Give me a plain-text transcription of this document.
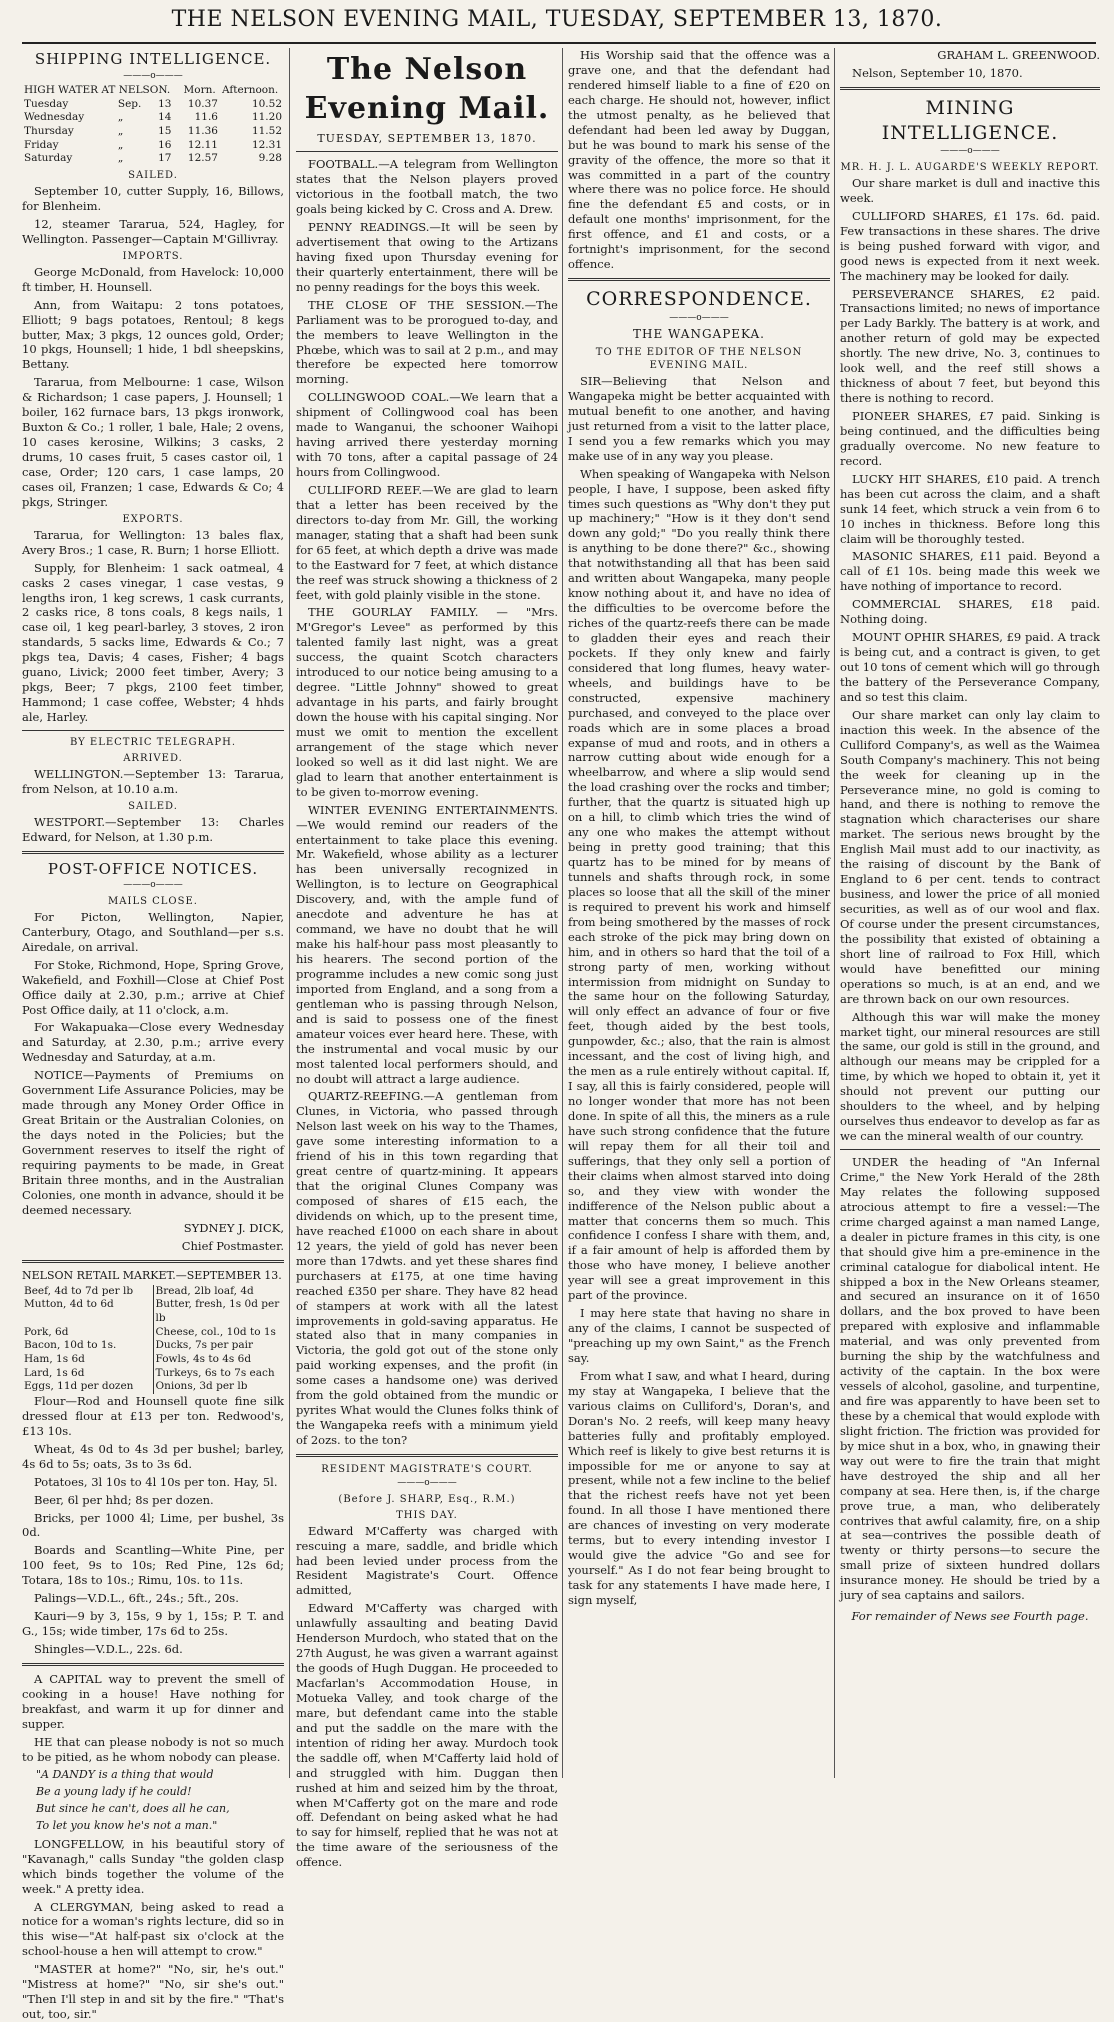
THE NELSON EVENING MAIL, TUESDAY, SEPTEMBER 13, 1870.
SHIPPING INTELLIGENCE.
———o———
HIGH WATER AT NELSON.			Morn.	Afternoon.
Tuesday	Sep.	13	10.37	10.52
Wednesday	„	14	11.6	11.20
Thursday	„	15	11.36	11.52
Friday	„	16	12.11	12.31
Saturday	„	17	12.57	9.28
SAILED.

September 10, cutter Supply, 16, Billows, for Blenheim.

12, steamer Tararua, 524, Hagley, for Wellington. Passenger—Captain M'Gillivray.

IMPORTS.

George McDonald, from Havelock: 10,000 ft timber, H. Hounsell.

Ann, from Waitapu: 2 tons potatoes, Elliott; 9 bags potatoes, Rentoul; 8 kegs butter, Max; 3 pkgs, 12 ounces gold, Order; 10 pkgs, Hounsell; 1 hide, 1 bdl sheepskins, Bettany.

Tararua, from Melbourne: 1 case, Wilson & Richardson; 1 case papers, J. Hounsell; 1 boiler, 162 furnace bars, 13 pkgs ironwork, Buxton & Co.; 1 roller, 1 bale, Hale; 2 ovens, 10 cases kerosine, Wilkins; 3 casks, 2 drums, 10 cases fruit, 5 cases castor oil, 1 case, Order; 120 cars, 1 case lamps, 20 cases oil, Franzen; 1 case, Edwards & Co; 4 pkgs, Stringer.

EXPORTS.

Tararua, for Wellington: 13 bales flax, Avery Bros.; 1 case, R. Burn; 1 horse Elliott.

Supply, for Blenheim: 1 sack oatmeal, 4 casks 2 cases vinegar, 1 case vestas, 9 lengths iron, 1 keg screws, 1 cask currants, 2 casks rice, 8 tons coals, 8 kegs nails, 1 case oil, 1 keg pearl-barley, 3 stoves, 2 iron standards, 5 sacks lime, Edwards & Co.; 7 pkgs tea, Davis; 4 cases, Fisher; 4 bags guano, Livick; 2000 feet timber, Avery; 3 pkgs, Beer; 7 pkgs, 2100 feet timber, Hammond; 1 case coffee, Webster; 4 hhds ale, Harley.

BY ELECTRIC TELEGRAPH.
ARRIVED.

WELLINGTON.—September 13: Tararua, from Nelson, at 10.10 a.m.

SAILED.

WESTPORT.—September 13: Charles Edward, for Nelson, at 1.30 p.m.

POST-OFFICE NOTICES.
———o———
MAILS CLOSE.

For Picton, Wellington, Napier, Canterbury, Otago, and Southland—per s.s. Airedale, on arrival.

For Stoke, Richmond, Hope, Spring Grove, Wakefield, and Foxhill—Close at Chief Post Office daily at 2.30, p.m.; arrive at Chief Post Office daily, at 11 o'clock, a.m.

For Wakapuaka—Close every Wednesday and Saturday, at 2.30, p.m.; arrive every Wednesday and Saturday, at a.m.

NOTICE—Payments of Premiums on Government Life Assurance Policies, may be made through any Money Order Office in Great Britain or the Australian Colonies, on the days noted in the Policies; but the Government reserves to itself the right of requiring payments to be made, in Great Britain three months, and in the Australian Colonies, one month in advance, should it be deemed necessary.

SYDNEY J. DICK,

Chief Postmaster.

NELSON RETAIL MARKET.—SEPTEMBER 13.
Beef, 4d to 7d per lb	Bread, 2lb loaf, 4d
Mutton, 4d to 6d	Butter, fresh, 1s 0d per lb
Pork, 6d	Cheese, col., 10d to 1s
Bacon, 10d to 1s.	Ducks, 7s per pair
Ham, 1s 6d	Fowls, 4s to 4s 6d
Lard, 1s 6d	Turkeys, 6s to 7s each
Eggs, 11d per dozen	Onions, 3d per lb

Flour—Rod and Hounsell quote fine silk dressed flour at £13 per ton. Redwood's, £13 10s.

Wheat, 4s 0d to 4s 3d per bushel; barley, 4s 6d to 5s; oats, 3s to 3s 6d.

Potatoes, 3l 10s to 4l 10s per ton. Hay, 5l.

Beer, 6l per hhd; 8s per dozen.

Bricks, per 1000 4l; Lime, per bushel, 3s 0d.

Boards and Scantling—White Pine, per 100 feet, 9s to 10s; Red Pine, 12s 6d; Totara, 18s to 10s.; Rimu, 10s. to 11s.

Palings—V.D.L., 6ft., 24s.; 5ft., 20s.

Kauri—9 by 3, 15s, 9 by 1, 15s; P. T. and G., 15s; wide timber, 17s 6d to 25s.

Shingles—V.D.L., 22s. 6d.

A CAPITAL way to prevent the smell of cooking in a house! Have nothing for breakfast, and warm it up for dinner and supper.

HE that can please nobody is not so much to be pitied, as he whom nobody can please.

"A DANDY is a thing that would

Be a young lady if he could!

But since he can't, does all he can,

To let you know he's not a man."

LONGFELLOW, in his beautiful story of "Kavanagh," calls Sunday "the golden clasp which binds together the volume of the week." A pretty idea.

A CLERGYMAN, being asked to read a notice for a woman's rights lecture, did so in this wise—"At half-past six o'clock at the school-house a hen will attempt to crow."

"MASTER at home?" "No, sir, he's out." "Mistress at home?" "No, sir she's out." "Then I'll step in and sit by the fire." "That's out, too, sir."

The Nelson Evening Mail.
TUESDAY, SEPTEMBER 13, 1870.

FOOTBALL.—A telegram from Wellington states that the Nelson players proved victorious in the football match, the two goals being kicked by C. Cross and A. Drew.

PENNY READINGS.—It will be seen by advertisement that owing to the Artizans having fixed upon Thursday evening for their quarterly entertainment, there will be no penny readings for the boys this week.

THE CLOSE OF THE SESSION.—The Parliament was to be prorogued to-day, and the members to leave Wellington in the Phœbe, which was to sail at 2 p.m., and may therefore be expected here tomorrow morning.

COLLINGWOOD COAL.—We learn that a shipment of Collingwood coal has been made to Wanganui, the schooner Waihopi having arrived there yesterday morning with 70 tons, after a capital passage of 24 hours from Collingwood.

CULLIFORD REEF.—We are glad to learn that a letter has been received by the directors to-day from Mr. Gill, the working manager, stating that a shaft had been sunk for 65 feet, at which depth a drive was made to the Eastward for 7 feet, at which distance the reef was struck showing a thickness of 2 feet, with gold plainly visible in the stone.

THE GOURLAY FAMILY. — "Mrs. M'Gregor's Levee" as performed by this talented family last night, was a great success, the quaint Scotch characters introduced to our notice being amusing to a degree. "Little Johnny" showed to great advantage in his parts, and fairly brought down the house with his capital singing. Nor must we omit to mention the excellent arrangement of the stage which never looked so well as it did last night. We are glad to learn that another entertainment is to be given to-morrow evening.

WINTER EVENING ENTERTAINMENTS.—We would remind our readers of the entertainment to take place this evening. Mr. Wakefield, whose ability as a lecturer has been universally recognized in Wellington, is to lecture on Geographical Discovery, and, with the ample fund of anecdote and adventure he has at command, we have no doubt that he will make his half-hour pass most pleasantly to his hearers. The second portion of the programme includes a new comic song just imported from England, and a song from a gentleman who is passing through Nelson, and is said to possess one of the finest amateur voices ever heard here. These, with the instrumental and vocal music by our most talented local performers should, and no doubt will attract a large audience.

QUARTZ-REEFING.—A gentleman from Clunes, in Victoria, who passed through Nelson last week on his way to the Thames, gave some interesting information to a friend of his in this town regarding that great centre of quartz-mining. It appears that the original Clunes Company was composed of shares of £15 each, the dividends on which, up to the present time, have reached £1000 on each share in about 12 years, the yield of gold has never been more than 17dwts. and yet these shares find purchasers at £175, at one time having reached £350 per share. They have 82 head of stampers at work with all the latest improvements in gold-saving apparatus. He stated also that in many companies in Victoria, the gold got out of the stone only paid working expenses, and the profit (in some cases a handsome one) was derived from the gold obtained from the mundic or pyrites What would the Clunes folks think of the Wangapeka reefs with a minimum yield of 2ozs. to the ton?

RESIDENT MAGISTRATE'S COURT.
———o———
(Before J. SHARP, Esq., R.M.)
THIS DAY.

Edward M'Cafferty was charged with rescuing a mare, saddle, and bridle which had been levied under process from the Resident Magistrate's Court. Offence admitted,

Edward M'Cafferty was charged with unlawfully assaulting and beating David Henderson Murdoch, who stated that on the 27th August, he was given a warrant against the goods of Hugh Duggan. He proceeded to Macfarlan's Accommodation House, in Motueka Valley, and took charge of the mare, but defendant came into the stable and put the saddle on the mare with the intention of riding her away. Murdoch took the saddle off, when M'Cafferty laid hold of and struggled with him. Duggan then rushed at him and seized him by the throat, when M'Cafferty got on the mare and rode off. Defendant on being asked what he had to say for himself, replied that he was not at the time aware of the seriousness of the offence.

His Worship said that the offence was a grave one, and that the defendant had rendered himself liable to a fine of £20 on each charge. He should not, however, inflict the utmost penalty, as he believed that defendant had been led away by Duggan, but he was bound to mark his sense of the gravity of the offence, the more so that it was committed in a part of the country where there was no police force. He should fine the defendant £5 and costs, or in default one months' imprisonment, for the first offence, and £1 and costs, or a fortnight's imprisonment, for the second offence.

CORRESPONDENCE.
———o———
THE WANGAPEKA.
TO THE EDITOR OF THE NELSON EVENING MAIL.

SIR—Believing that Nelson and Wangapeka might be better acquainted with mutual benefit to one another, and having just returned from a visit to the latter place, I send you a few remarks which you may make use of in any way you please.

When speaking of Wangapeka with Nelson people, I have, I suppose, been asked fifty times such questions as "Why don't they put up machinery;" "How is it they don't send down any gold;" "Do you really think there is anything to be done there?" &c., showing that notwithstanding all that has been said and written about Wangapeka, many people know nothing about it, and have no idea of the difficulties to be overcome before the riches of the quartz-reefs there can be made to gladden their eyes and reach their pockets. If they only knew and fairly considered that long flumes, heavy water-wheels, and buildings have to be constructed, expensive machinery purchased, and conveyed to the place over roads which are in some places a broad expanse of mud and roots, and in others a narrow cutting about wide enough for a wheelbarrow, and where a slip would send the load crashing over the rocks and timber; further, that the quartz is situated high up on a hill, to climb which tries the wind of any one who makes the attempt without being in pretty good training; that this quartz has to be mined for by means of tunnels and shafts through rock, in some places so loose that all the skill of the miner is required to prevent his work and himself from being smothered by the masses of rock each stroke of the pick may bring down on him, and in others so hard that the toil of a strong party of men, working without intermission from midnight on Sunday to the same hour on the following Saturday, will only effect an advance of four or five feet, though aided by the best tools, gunpowder, &c.; also, that the rain is almost incessant, and the cost of living high, and the men as a rule entirely without capital. If, I say, all this is fairly considered, people will no longer wonder that more has not been done. In spite of all this, the miners as a rule have such strong confidence that the future will repay them for all their toil and sufferings, that they only sell a portion of their claims when almost starved into doing so, and they view with wonder the indifference of the Nelson public about a matter that concerns them so much. This confidence I confess I share with them, and, if a fair amount of help is afforded them by those who have money, I believe another year will see a great improvement in this part of the province.

I may here state that having no share in any of the claims, I cannot be suspected of "preaching up my own Saint," as the French say.

From what I saw, and what I heard, during my stay at Wangapeka, I believe that the various claims on Culliford's, Doran's, and Doran's No. 2 reefs, will keep many heavy batteries fully and profitably employed. Which reef is likely to give best returns it is impossible for me or anyone to say at present, while not a few incline to the belief that the richest reefs have not yet been found. In all those I have mentioned there are chances of investing on very moderate terms, but to every intending investor I would give the advice "Go and see for yourself." As I do not fear being brought to task for any statements I have made here, I sign myself,

GRAHAM L. GREENWOOD.

Nelson, September 10, 1870.

MINING INTELLIGENCE.
———o———
MR. H. J. L. AUGARDE'S WEEKLY REPORT.

Our share market is dull and inactive this week.

CULLIFORD SHARES, £1 17s. 6d. paid. Few transactions in these shares. The drive is being pushed forward with vigor, and good news is expected from it next week. The machinery may be looked for daily.

PERSEVERANCE SHARES, £2 paid. Transactions limited; no news of importance per Lady Barkly. The battery is at work, and another return of gold may be expected shortly. The new drive, No. 3, continues to look well, and the reef still shows a thickness of about 7 feet, but beyond this there is nothing to record.

PIONEER SHARES, £7 paid. Sinking is being continued, and the difficulties being gradually overcome. No new feature to record.

LUCKY HIT SHARES, £10 paid. A trench has been cut across the claim, and a shaft sunk 14 feet, which struck a vein from 6 to 10 inches in thickness. Before long this claim will be thoroughly tested.

MASONIC SHARES, £11 paid. Beyond a call of £1 10s. being made this week we have nothing of importance to record.

COMMERCIAL SHARES, £18 paid. Nothing doing.

MOUNT OPHIR SHARES, £9 paid. A track is being cut, and a contract is given, to get out 10 tons of cement which will go through the battery of the Perseverance Company, and so test this claim.

Our share market can only lay claim to inaction this week. In the absence of the Culliford Company's, as well as the Waimea South Company's machinery. This not being the week for cleaning up in the Perseverance mine, no gold is coming to hand, and there is nothing to remove the stagnation which characterises our share market. The serious news brought by the English Mail must add to our inactivity, as the raising of discount by the Bank of England to 6 per cent. tends to contract business, and lower the price of all monied securities, as well as of our wool and flax. Of course under the present circumstances, the possibility that existed of obtaining a short line of railroad to Fox Hill, which would have benefitted our mining operations so much, is at an end, and we are thrown back on our own resources.

Although this war will make the money market tight, our mineral resources are still the same, our gold is still in the ground, and although our means may be crippled for a time, by which we hoped to obtain it, yet it should not prevent our putting our shoulders to the wheel, and by helping ourselves thus endeavor to develop as far as we can the mineral wealth of our country.

UNDER the heading of "An Infernal Crime," the New York Herald of the 28th May relates the following supposed atrocious attempt to fire a vessel:—The crime charged against a man named Lange, a dealer in picture frames in this city, is one that should give him a pre-eminence in the criminal catalogue for diabolical intent. He shipped a box in the New Orleans steamer, and secured an insurance on it of 1650 dollars, and the box proved to have been prepared with explosive and inflammable material, and was only prevented from burning the ship by the watchfulness and activity of the captain. In the box were vessels of alcohol, gasoline, and turpentine, and fire was apparently to have been set to these by a chemical that would explode with slight friction. The friction was provided for by mice shut in a box, who, in gnawing their way out were to fire the train that might have destroyed the ship and all her company at sea. Here then, is, if the charge prove true, a man, who deliberately contrives that awful calamity, fire, on a ship at sea—contrives the possible death of twenty or thirty persons—to secure the small prize of sixteen hundred dollars insurance money. He should be tried by a jury of sea captains and sailors.

For remainder of News see Fourth page.
